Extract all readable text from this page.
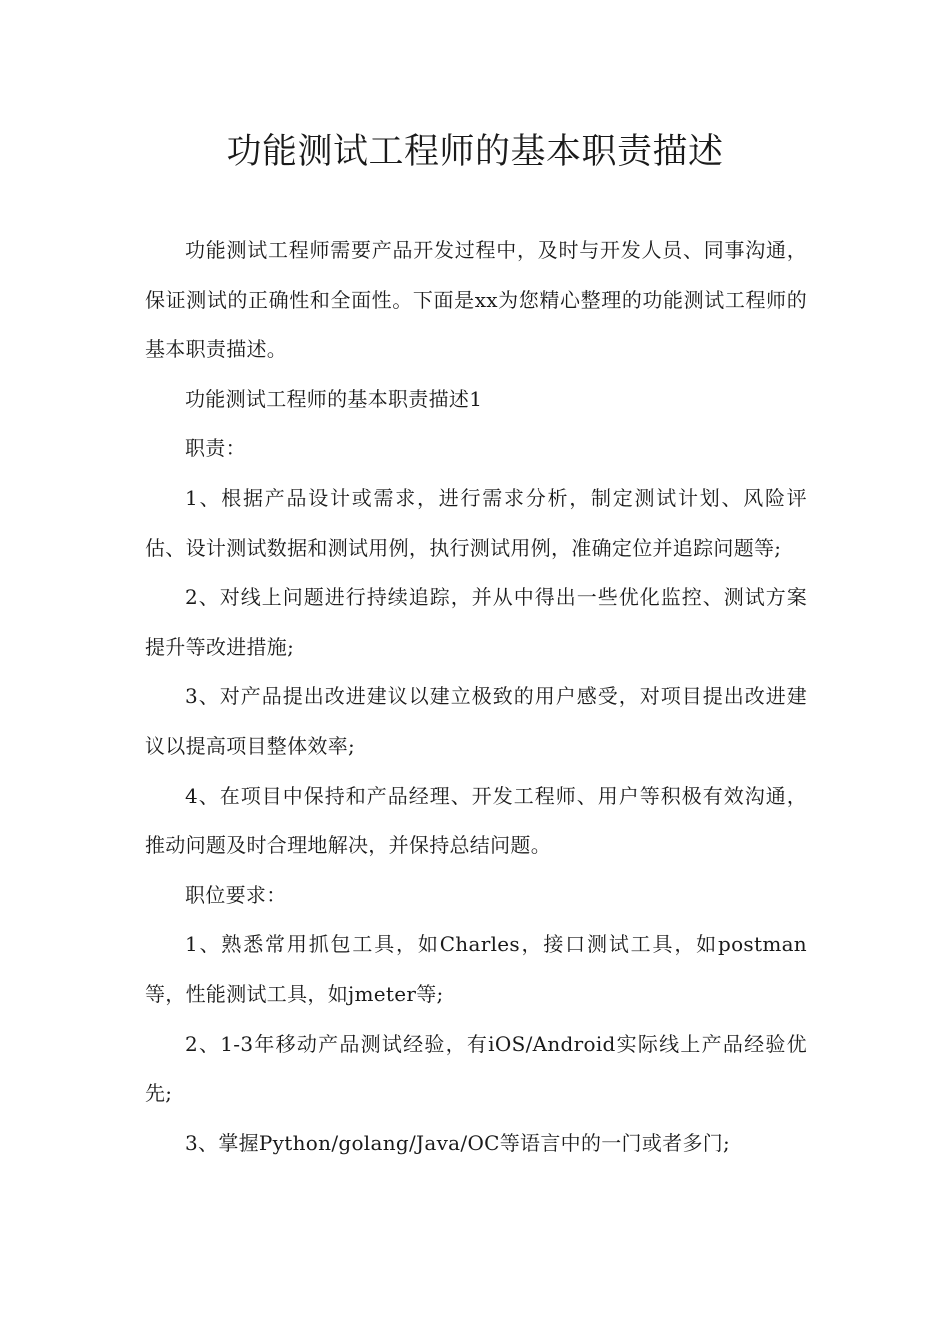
功能测试工程师的基本职责描述

功能测试工程师需要产品开发过程中，及时与开发人员、同事沟通，保证测试的正确性和全面性。下面是xx为您精心整理的功能测试工程师的基本职责描述。

功能测试工程师的基本职责描述1

职责：

1、根据产品设计或需求，进行需求分析，制定测试计划、风险评估、设计测试数据和测试用例，执行测试用例，准确定位并追踪问题等;

2、对线上问题进行持续追踪，并从中得出一些优化监控、测试方案提升等改进措施;

3、对产品提出改进建议以建立极致的用户感受，对项目提出改进建议以提高项目整体效率;

4、在项目中保持和产品经理、开发工程师、用户等积极有效沟通，推动问题及时合理地解决，并保持总结问题。

职位要求：

1、熟悉常用抓包工具，如Charles，接口测试工具，如postman等，性能测试工具，如jmeter等;

2、1-3年移动产品测试经验，有iOS/Android实际线上产品经验优先;

3、掌握Python/golang/Java/OC等语言中的一门或者多门;
